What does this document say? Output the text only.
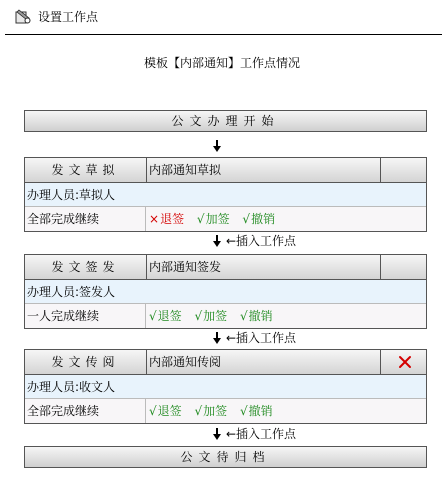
设置工作点
模板【内部通知】工作点情况
公文办理开始
发文草拟	内部通知草拟
办理人员:草拟人
全部完成继续	×退签 √加签 √撤销
←插入工作点
发文签发	内部通知签发
办理人员:签发人
一人完成继续	√退签 √加签 √撤销
←插入工作点
发文传阅	内部通知传阅
办理人员:收文人
全部完成继续	√退签 √加签 √撤销
←插入工作点
公文待归档
